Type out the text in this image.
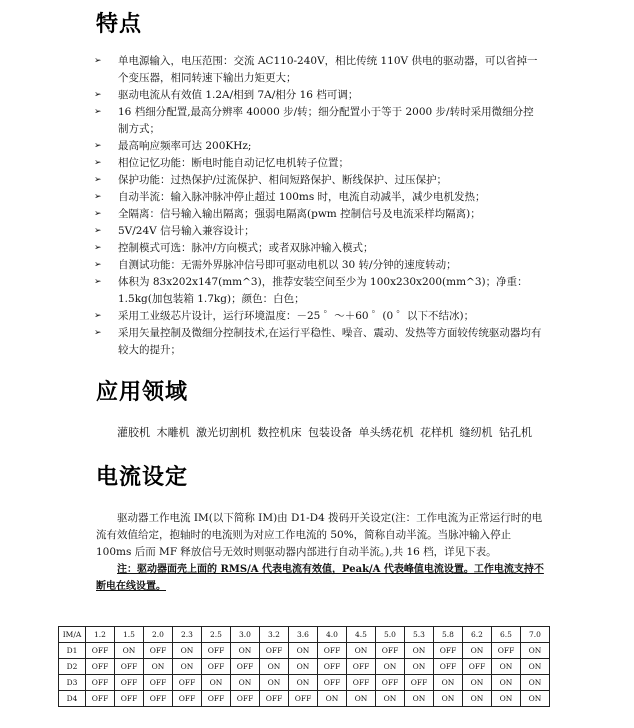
特点
➢ 单电源输入，电压范围：交流 AC110-240V，相比传统 110V 供电的驱动器，可以省掉一个变压器，相同转速下输出力矩更大；
➢ 驱动电流从有效值 1.2A/相到 7A/相分 16 档可调；
➢ 16 档细分配置,最高分辨率 40000 步/转；细分配置小于等于 2000 步/转时采用微细分控制方式；
➢ 最高响应频率可达 200KHz;
➢ 相位记忆功能：断电时能自动记忆电机转子位置；
➢ 保护功能：过热保护/过流保护、相间短路保护、断线保护、过压保护；
➢ 自动半流：输入脉冲脉冲停止超过 100ms 时，电流自动减半，减少电机发热；
➢ 全隔离：信号输入输出隔离；强弱电隔离(pwm 控制信号及电流采样均隔离)；
➢ 5V/24V 信号输入兼容设计；
➢ 控制模式可选：脉冲/方向模式；或者双脉冲输入模式；
➢ 自测试功能：无需外界脉冲信号即可驱动电机以 30 转/分钟的速度转动；
➢ 体积为 83x202x147(mm^3)，推荐安装空间至少为 100x230x200(mm^3)；净重：1.5kg(加包装箱 1.7kg)；颜色：白色；
➢ 采用工业级芯片设计，运行环境温度：－25 ゜～＋60 ゜(0 ゜以下不结冰)；
➢ 采用矢量控制及微细分控制技术,在运行平稳性、噪音、震动、发热等方面较传统驱动器均有较大的提升；
应用领域
灌胶机 木雕机 激光切割机 数控机床 包装设备 单头绣花机 花样机 缝纫机 钻孔机
电流设定

驱动器工作电流 IM(以下简称 IM)由 D1-D4 拨码开关设定(注：工作电流为正常运行时的电流有效值给定，抱轴时的电流则为对应工作电流的 50%，简称自动半流。当脉冲输入停止 100ms 后而 MF 释放信号无效时则驱动器内部进行自动半流。),共 16 档，详见下表。

注：驱动器面壳上面的 RMS/A 代表电流有效值，Peak/A 代表峰值电流设置。工作电流支持不断电在线设置。

IM/A	1.2	1.5	2.0	2.3	2.5	3.0	3.2	3.6	4.0	4.5	5.0	5.3	5.8	6.2	6.5	7.0
D1	OFF	ON	OFF	ON	OFF	ON	OFF	ON	OFF	ON	OFF	ON	OFF	ON	OFF	ON
D2	OFF	OFF	ON	ON	OFF	OFF	ON	ON	OFF	OFF	ON	ON	OFF	OFF	ON	ON
D3	OFF	OFF	OFF	OFF	ON	ON	ON	ON	OFF	OFF	OFF	OFF	ON	ON	ON	ON
D4	OFF	OFF	OFF	OFF	OFF	OFF	OFF	OFF	ON	ON	ON	ON	ON	ON	ON	ON
